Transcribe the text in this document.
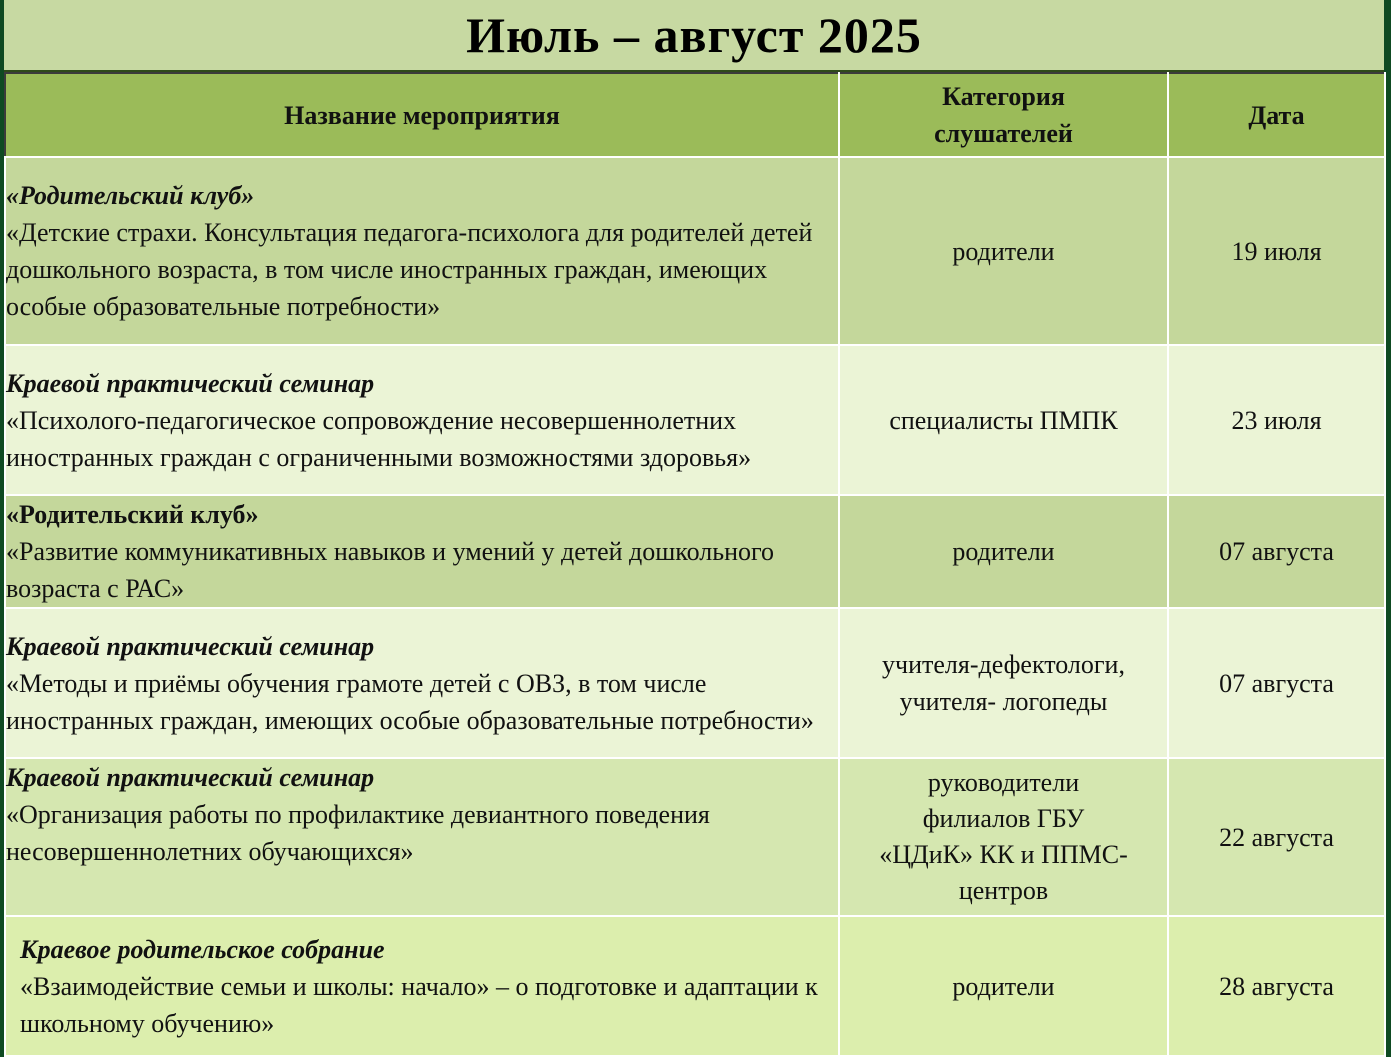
Июль – август 2025
Название мероприятия	Категория слушателей	Дата

«Родительский клуб»
«Детские страхи. Консультация педагога-психолога для родителей детей дошкольного возраста, в том числе иностранных граждан, имеющих особые образовательные потребности»	родители	19 июля

Краевой практический семинар
«Психолого-педагогическое сопровождение несовершеннолетних иностранных граждан с ограниченными возможностями здоровья»	специалисты ПМПК	23 июля

«Родительский клуб»
«Развитие коммуникативных навыков и умений у детей дошкольного возраста с РАС»	родители	07 августа

Краевой практический семинар
«Методы и приёмы обучения грамоте детей с ОВЗ, в том числе иностранных граждан, имеющих особые образовательные потребности»	учителя-дефектологи, учителя- логопеды	07 августа

Краевой практический семинар
«Организация работы по профилактике девиантного поведения несовершеннолетних обучающихся»	руководители филиалов ГБУ «ЦДиК» КК и ППМС-центров	22 августа

Краевое родительское собрание
«Взаимодействие семьи и школы: начало» – о подготовке и адаптации к школьному обучению»	родители	28 августа
